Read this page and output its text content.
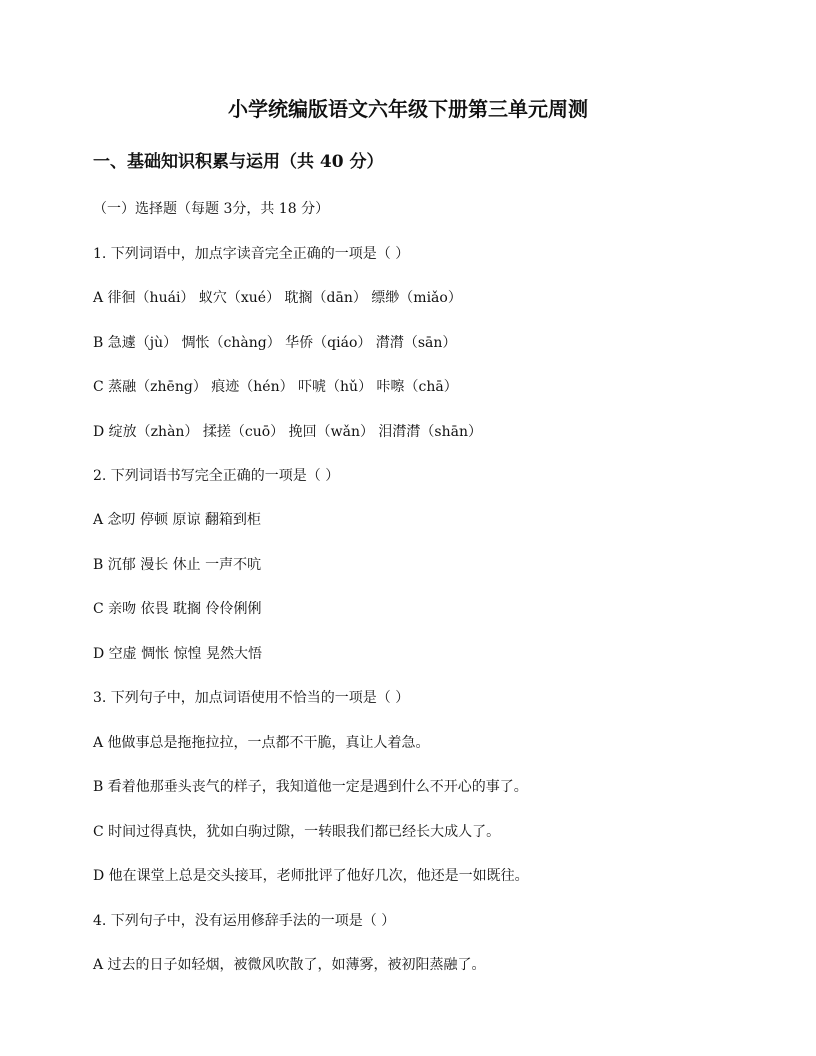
小学统编版语文六年级下册第三单元周测
一、基础知识积累与运用（共 40 分）
（一）选择题（每题 3分，共 18 分）
1. 下列词语中，加点字读音完全正确的一项是（ ）
A 徘徊（huái） 蚁穴（xué） 耽搁（dān） 缥缈（miǎo）
B 急遽（jù） 惆怅（chàng） 华侨（qiáo） 潸潸（sān）
C 蒸融（zhēng） 痕迹（hén） 吓唬（hǔ） 咔嚓（chā）
D 绽放（zhàn） 揉搓（cuō） 挽回（wǎn） 泪潸潸（shān）
2. 下列词语书写完全正确的一项是（ ）
A 念叨 停顿 原谅 翻箱到柜
B 沉郁 漫长 休止 一声不吭
C 亲吻 依畏 耽搁 伶伶俐俐
D 空虚 惆怅 惊惶 晃然大悟
3. 下列句子中，加点词语使用不恰当的一项是（ ）
A 他做事总是拖拖拉拉，一点都不干脆，真让人着急。
B 看着他那垂头丧气的样子，我知道他一定是遇到什么不开心的事了。
C 时间过得真快，犹如白驹过隙，一转眼我们都已经长大成人了。
D 他在课堂上总是交头接耳，老师批评了他好几次，他还是一如既往。
4. 下列句子中，没有运用修辞手法的一项是（ ）
A 过去的日子如轻烟，被微风吹散了，如薄雾，被初阳蒸融了。
